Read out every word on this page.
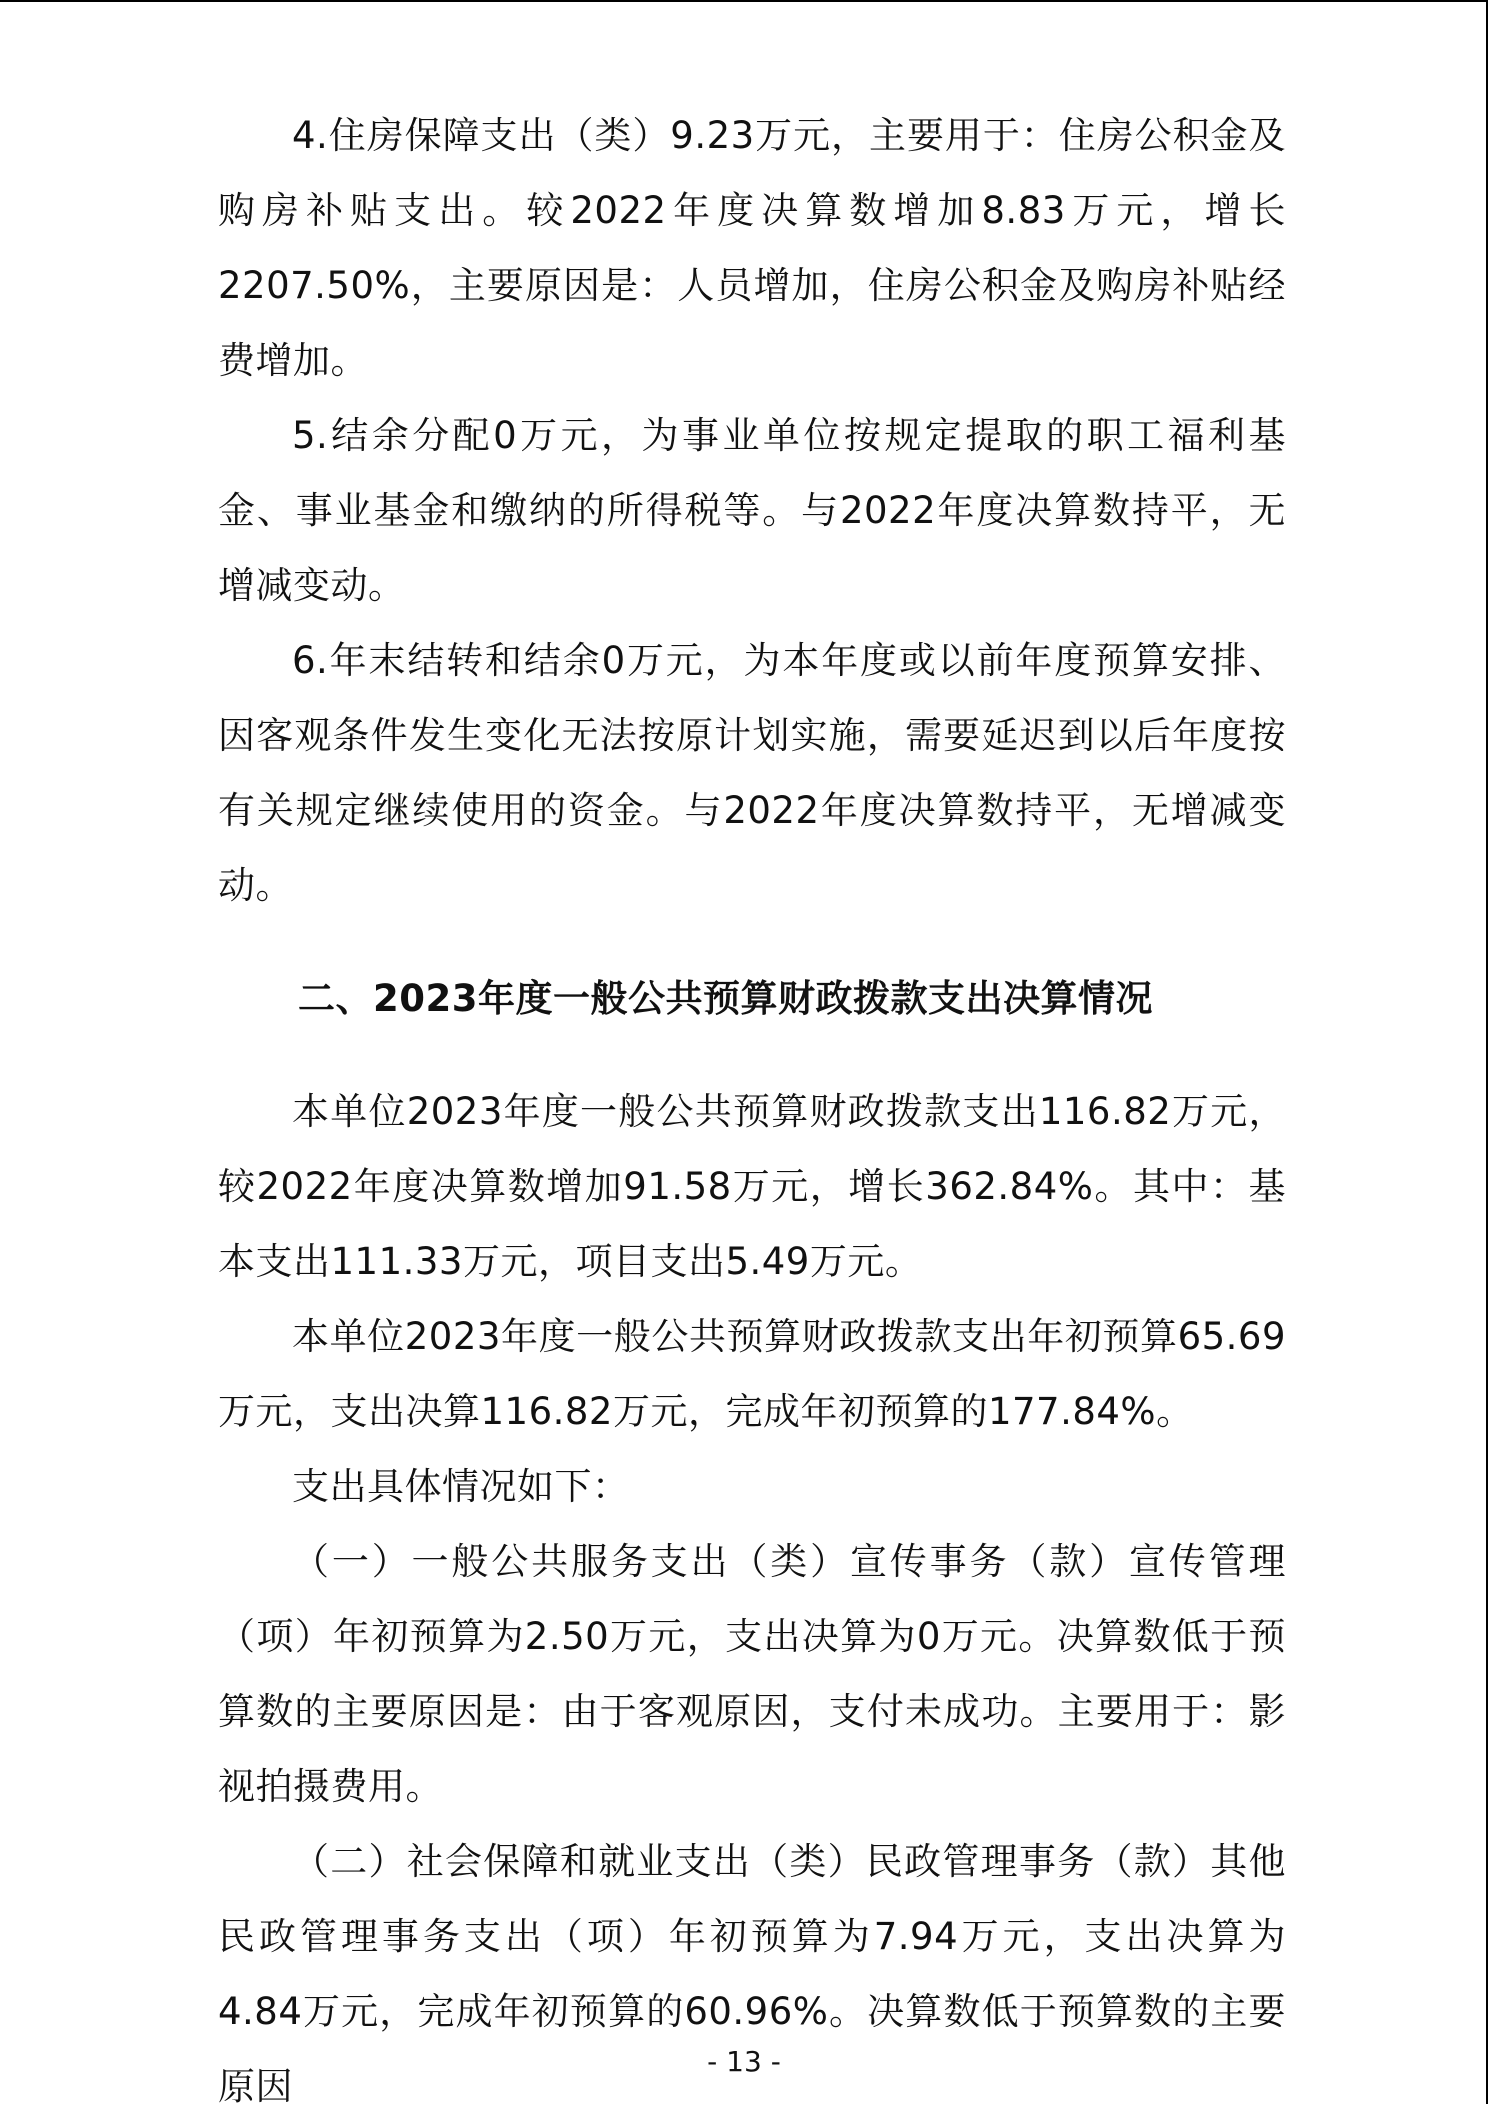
4.住房保障支出（类）9.23万元，主要用于：住房公积金及购房补贴支出。较2022年度决算数增加8.83万元，增长2207.50%，主要原因是：人员增加，住房公积金及购房补贴经费增加。

5.结余分配0万元，为事业单位按规定提取的职工福利基金、事业基金和缴纳的所得税等。与2022年度决算数持平，无增减变动。

6.年末结转和结余0万元，为本年度或以前年度预算安排、因客观条件发生变化无法按原计划实施，需要延迟到以后年度按有关规定继续使用的资金。与2022年度决算数持平，无增减变动。

二、2023年度一般公共预算财政拨款支出决算情况

本单位2023年度一般公共预算财政拨款支出116.82万元，较2022年度决算数增加91.58万元，增长362.84%。其中：基本支出111.33万元，项目支出5.49万元。

本单位2023年度一般公共预算财政拨款支出年初预算65.69万元，支出决算116.82万元，完成年初预算的177.84%。

支出具体情况如下：

（一）一般公共服务支出（类）宣传事务（款）宣传管理（项）年初预算为2.50万元，支出决算为0万元。决算数低于预算数的主要原因是：由于客观原因，支付未成功。主要用于：影视拍摄费用。

（二）社会保障和就业支出（类）民政管理事务（款）其他民政管理事务支出（项）年初预算为7.94万元，支出决算为4.84万元，完成年初预算的60.96%。决算数低于预算数的主要原因

- 13 -
